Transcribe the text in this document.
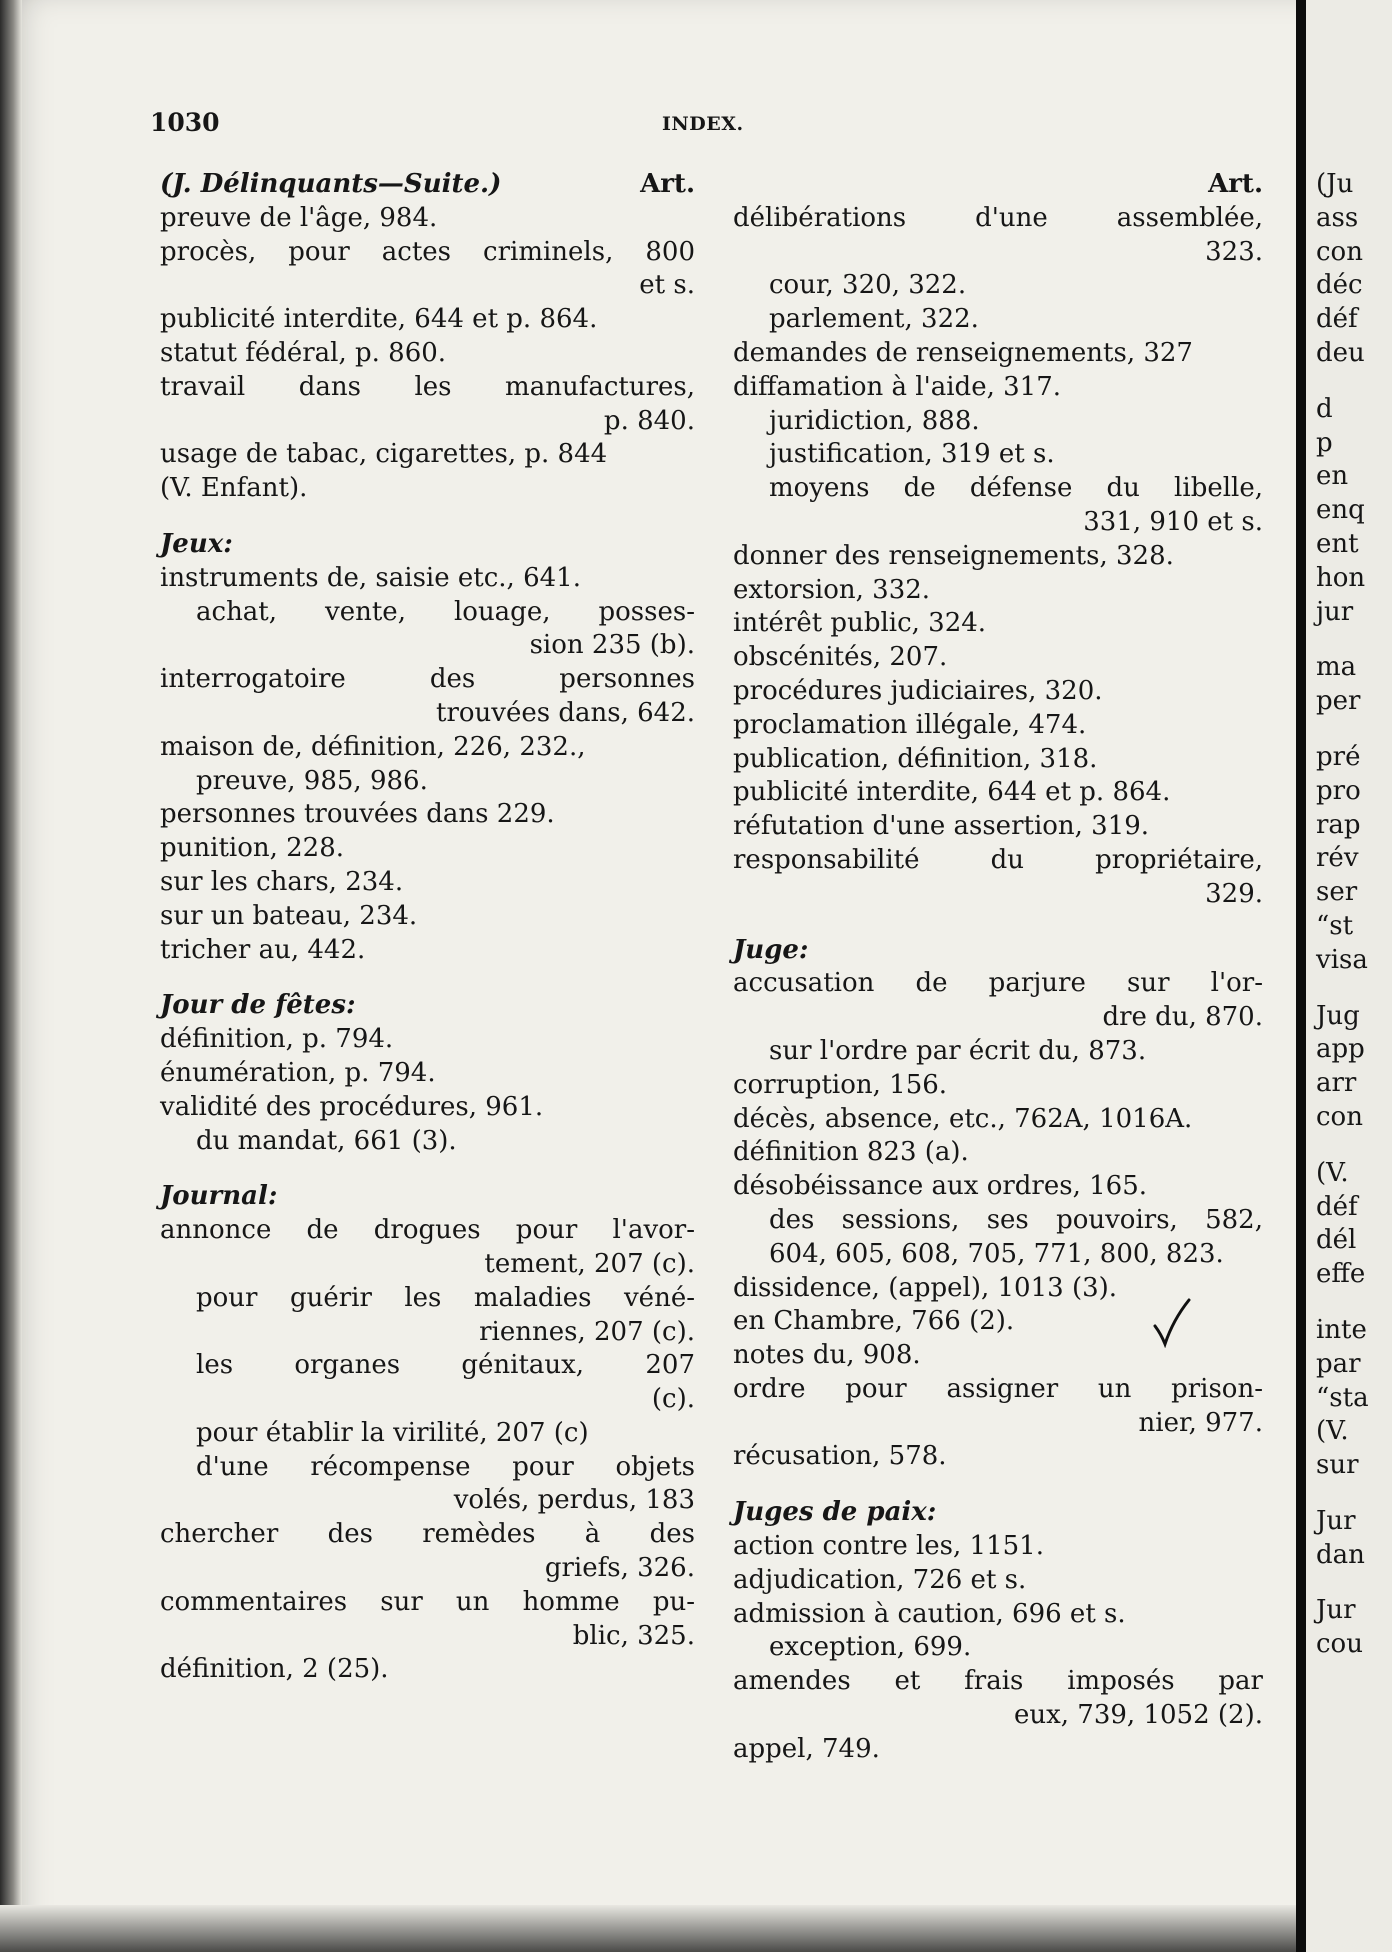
1030	INDEX.
(J. Délinquants—Suite.)	Art.
preuve de l'âge, 984.
procès, pour actes criminels, 800
et s.
publicité interdite, 644 et p. 864.
statut fédéral, p. 860.
travail dans les manufactures,
p. 840.
usage de tabac, cigarettes, p. 844
(V. Enfant).
Jeux:
instruments de, saisie etc., 641.
achat, vente, louage, posses-
sion 235 (b).
interrogatoire des personnes
trouvées dans, 642.
maison de, définition, 226, 232.,
preuve, 985, 986.
personnes trouvées dans 229.
punition, 228.
sur les chars, 234.
sur un bateau, 234.
tricher au, 442.
Jour de fêtes:
définition, p. 794.
énumération, p. 794.
validité des procédures, 961.
du mandat, 661 (3).
Journal:
annonce de drogues pour l'avor-
tement, 207 (c).
pour guérir les maladies véné-
riennes, 207 (c).
les organes génitaux, 207
(c).
pour établir la virilité, 207 (c)
d'une récompense pour objets
volés, perdus, 183
chercher des remèdes à des
griefs, 326.
commentaires sur un homme pu-
blic, 325.
définition, 2 (25).
Art.
délibérations d'une assemblée,
323.
cour, 320, 322.
parlement, 322.
demandes de renseignements, 327
diffamation à l'aide, 317.
juridiction, 888.
justification, 319 et s.
moyens de défense du libelle,
331, 910 et s.
donner des renseignements, 328.
extorsion, 332.
intérêt public, 324.
obscénités, 207.
procédures judiciaires, 320.
proclamation illégale, 474.
publication, définition, 318.
publicité interdite, 644 et p. 864.
réfutation d'une assertion, 319.
responsabilité du propriétaire,
329.
Juge:
accusation de parjure sur l'or-
dre du, 870.
sur l'ordre par écrit du, 873.
corruption, 156.
décès, absence, etc., 762A, 1016A.
définition 823 (a).
désobéissance aux ordres, 165.
des sessions, ses pouvoirs, 582,
604, 605, 608, 705, 771, 800, 823.
dissidence, (appel), 1013 (3).
en Chambre, 766 (2).
notes du, 908.
ordre pour assigner un prison-
nier, 977.
récusation, 578.
Juges de paix:
action contre les, 1151.
adjudication, 726 et s.
admission à caution, 696 et s.
exception, 699.
amendes et frais imposés par
eux, 739, 1052 (2).
appel, 749.
(Ju
ass
con
déc
déf
deu
d
p
en
enq
ent
hon
jur
ma
per
pré
pro
rap
rév
ser
“st
visa
Jug
app
arr
con
(V.
déf
dél
effe
inte
par
“sta
(V.
sur
Jur
dan
Jur
cou
